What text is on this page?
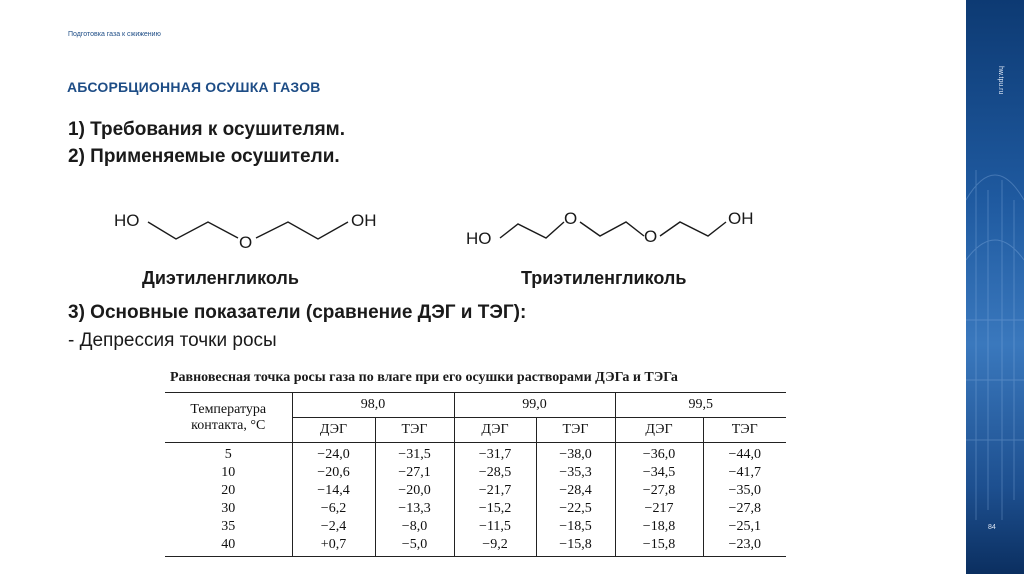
hw.tpu.ru
84
Подготовка газа к сжижению
АБСОРБЦИОННАЯ ОСУШКА ГАЗОВ
1) Требования к осушителям.
2) Применяемые осушители.
HO
O
OH
Диэтиленгликоль
HO
O
O
OH
Триэтиленгликоль
3) Основные показатели (сравнение ДЭГ и ТЭГ):
- Депрессия точки росы
Равновесная точка росы газа по влаге при его осушки растворами ДЭГа и ТЭГа
Температура
контакта, °С	98,0		99,0		99,5	
	ДЭГ	ТЭГ	ДЭГ	ТЭГ	ДЭГ	ТЭГ
5	−24,0	−31,5	−31,7	−38,0	−36,0	−44,0
10	−20,6	−27,1	−28,5	−35,3	−34,5	−41,7
20	−14,4	−20,0	−21,7	−28,4	−27,8	−35,0
30	−6,2	−13,3	−15,2	−22,5	−217	−27,8
35	−2,4	−8,0	−11,5	−18,5	−18,8	−25,1
40	+0,7	−5,0	−9,2	−15,8	−15,8	−23,0
